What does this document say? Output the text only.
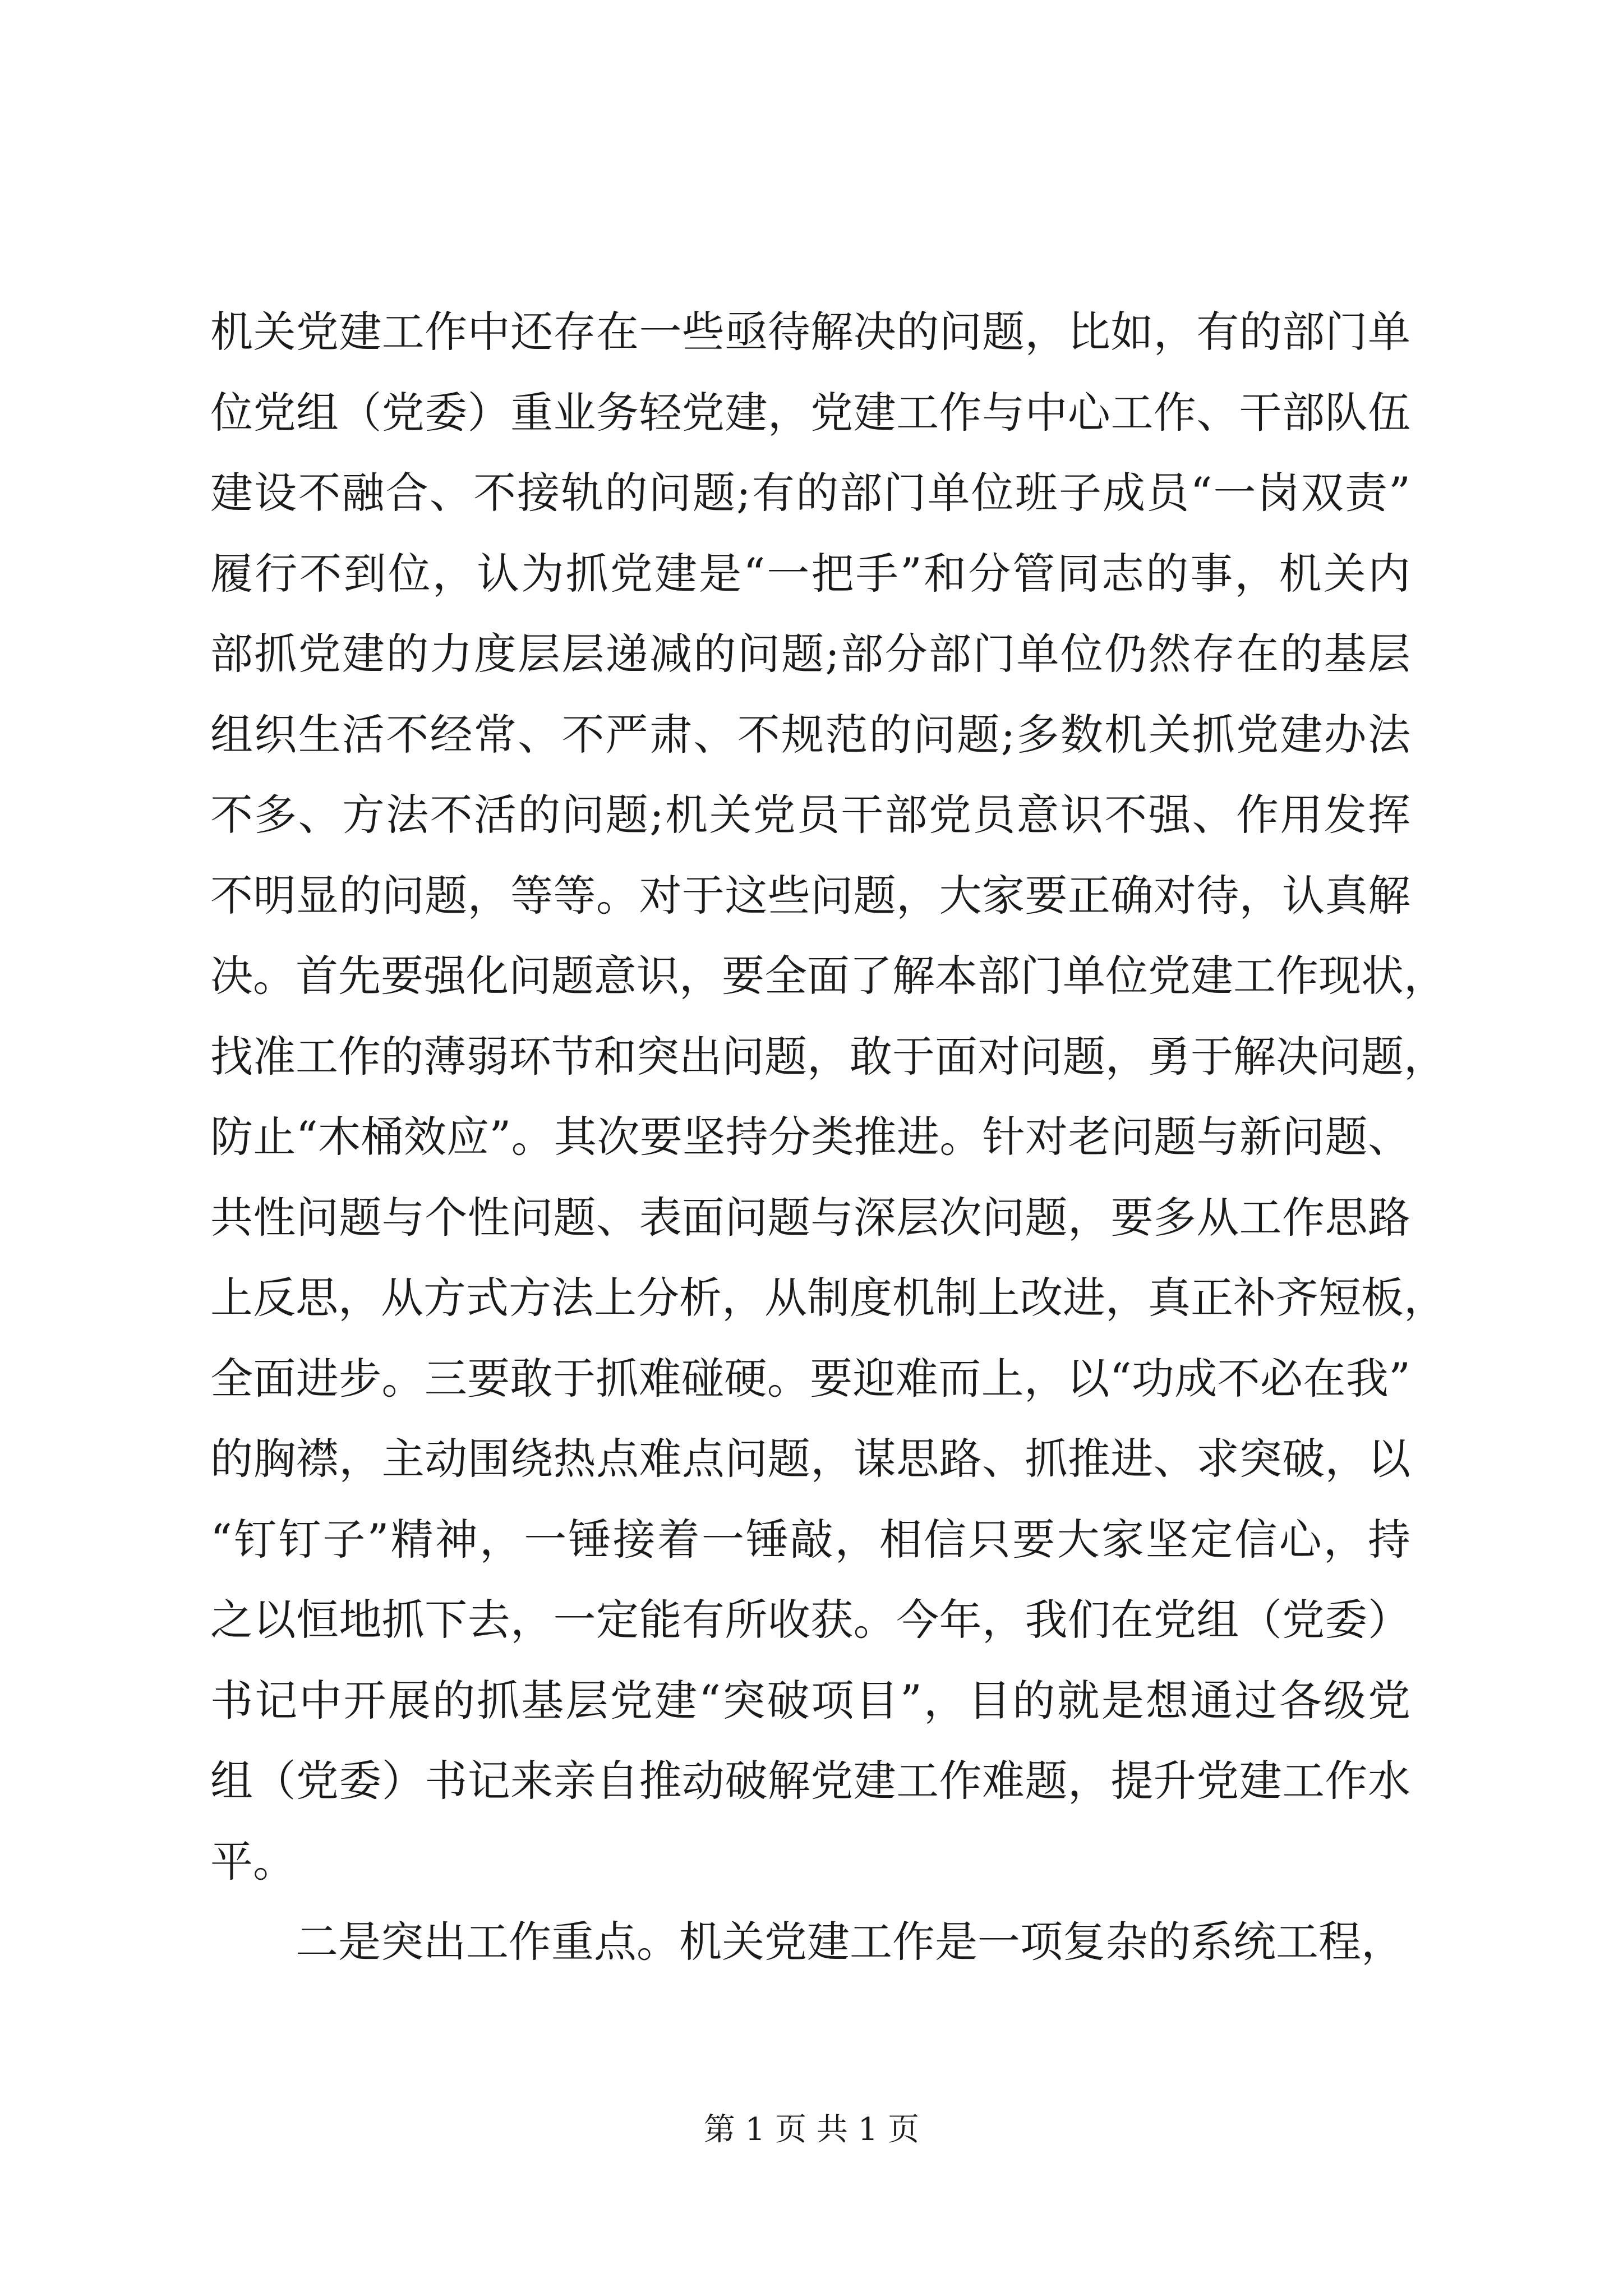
机关党建工作中还存在一些亟待解决的问题，比如，有的部门单
位党组（党委）重业务轻党建，党建工作与中心工作、干部队伍
建设不融合、不接轨的问题;有的部门单位班子成员“一岗双责”
履行不到位，认为抓党建是“一把手”和分管同志的事，机关内
部抓党建的力度层层递减的问题;部分部门单位仍然存在的基层
组织生活不经常、不严肃、不规范的问题;多数机关抓党建办法
不多、方法不活的问题;机关党员干部党员意识不强、作用发挥
不明显的问题，等等。对于这些问题，大家要正确对待，认真解
决。首先要强化问题意识，要全面了解本部门单位党建工作现状，
找准工作的薄弱环节和突出问题，敢于面对问题，勇于解决问题，
防止“木桶效应”。其次要坚持分类推进。针对老问题与新问题、
共性问题与个性问题、表面问题与深层次问题，要多从工作思路
上反思，从方式方法上分析，从制度机制上改进，真正补齐短板，
全面进步。三要敢于抓难碰硬。要迎难而上，以“功成不必在我”
的胸襟，主动围绕热点难点问题，谋思路、抓推进、求突破，以
“钉钉子”精神，一锤接着一锤敲，相信只要大家坚定信心，持
之以恒地抓下去，一定能有所收获。今年，我们在党组（党委）
书记中开展的抓基层党建“突破项目”，目的就是想通过各级党
组（党委）书记来亲自推动破解党建工作难题，提升党建工作水
平。
二是突出工作重点。机关党建工作是一项复杂的系统工程，
第 1 页 共 1 页
